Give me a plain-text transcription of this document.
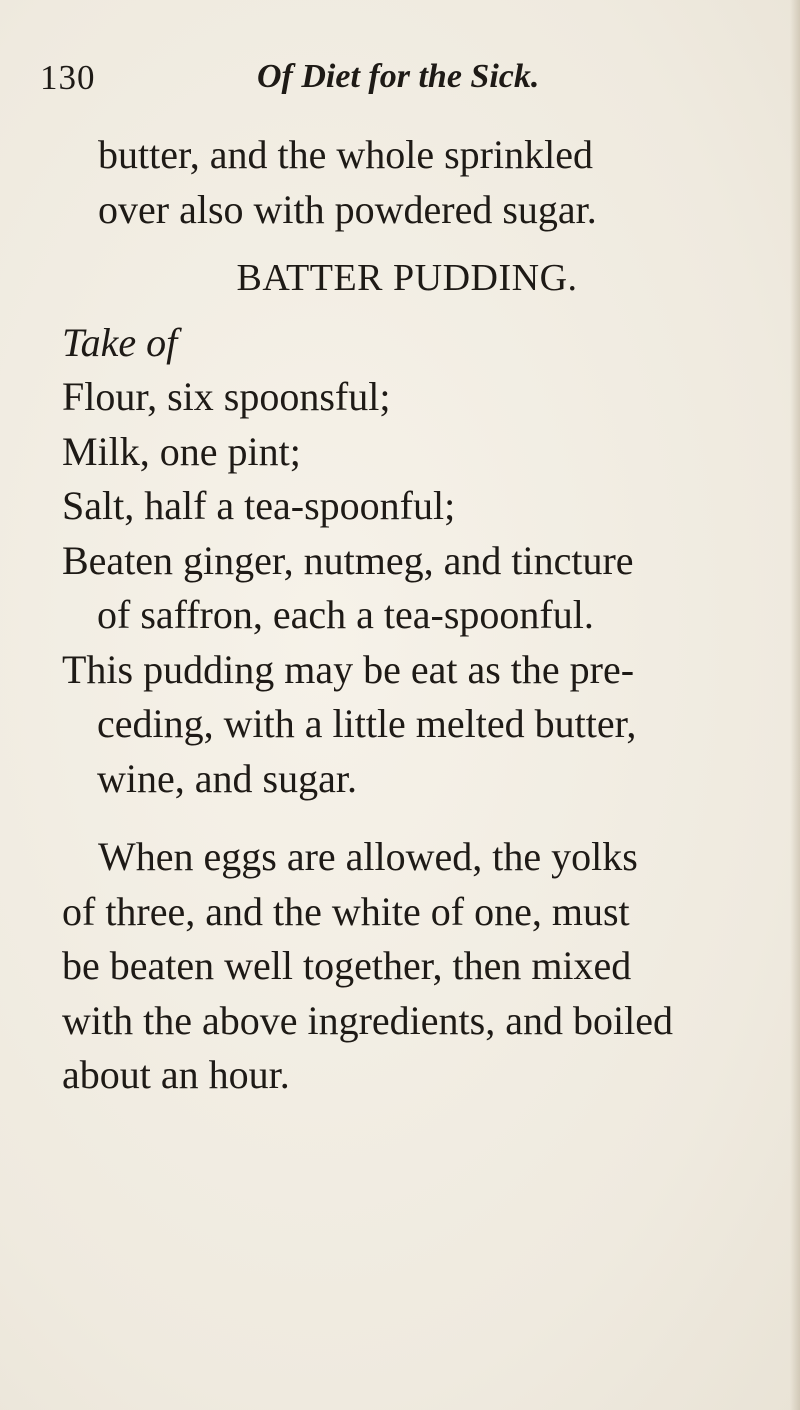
130	Of Diet for the Sick.
butter, and the whole sprinkled
over also with powdered sugar.
BATTER PUDDING.
Take of
Flour, six spoonsful;
Milk, one pint;
Salt, half a tea-spoonful;
Beaten ginger, nutmeg, and tincture
of saffron, each a tea-spoonful.
This pudding may be eat as the pre-
ceding, with a little melted butter,
wine, and sugar.
When eggs are allowed, the yolks
of three, and the white of one, must
be beaten well together, then mixed
with the above ingredients, and boiled
about an hour.
